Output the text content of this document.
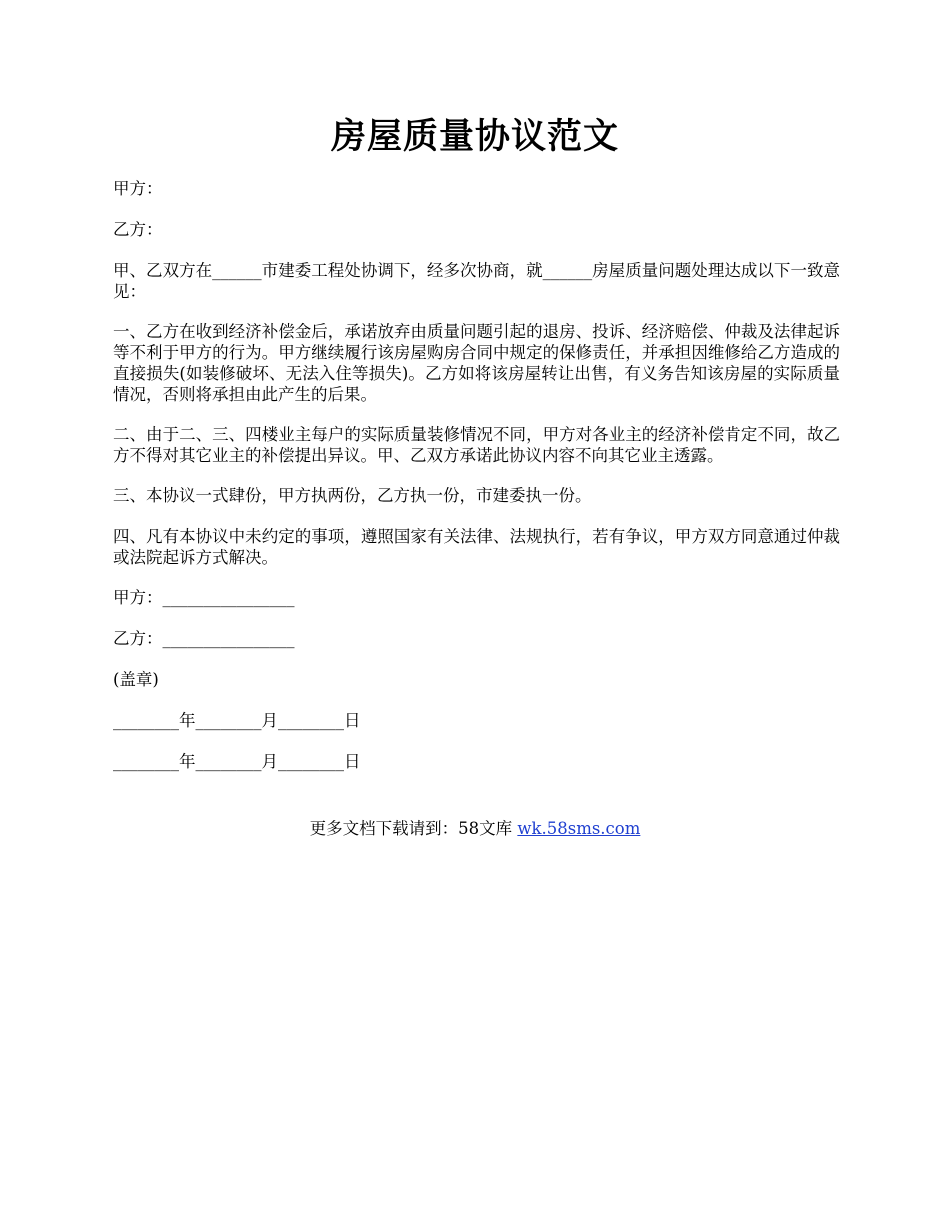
房屋质量协议范文

甲方：

乙方：

甲、乙双方在______市建委工程处协调下，经多次协商，就______房屋质量问题处理达成以下一致意见：

一、乙方在收到经济补偿金后，承诺放弃由质量问题引起的退房、投诉、经济赔偿、仲裁及法律起诉等不利于甲方的行为。甲方继续履行该房屋购房合同中规定的保修责任，并承担因维修给乙方造成的直接损失(如装修破坏、无法入住等损失)。乙方如将该房屋转让出售，有义务告知该房屋的实际质量情况，否则将承担由此产生的后果。

二、由于二、三、四楼业主每户的实际质量装修情况不同，甲方对各业主的经济补偿肯定不同，故乙方不得对其它业主的补偿提出异议。甲、乙双方承诺此协议内容不向其它业主透露。

三、本协议一式肆份，甲方执两份，乙方执一份，市建委执一份。

四、凡有本协议中未约定的事项，遵照国家有关法律、法规执行，若有争议，甲方双方同意通过仲裁或法院起诉方式解决。

甲方：________________

乙方：________________

(盖章)

________年________月________日

________年________月________日

更多文档下载请到：58文库 wk.58sms.com
